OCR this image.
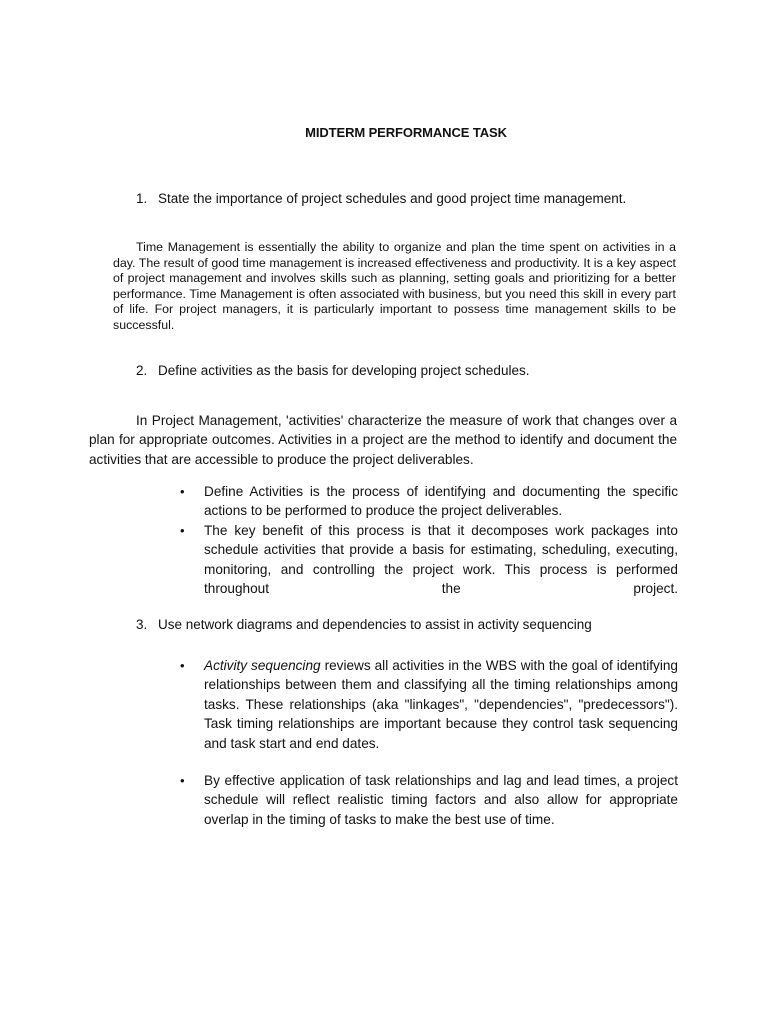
MIDTERM PERFORMANCE TASK
1. State the importance of project schedules and good project time management.

Time Management is essentially the ability to organize and plan the time spent on activities in a day. The result of good time management is increased effectiveness and productivity. It is a key aspect of project management and involves skills such as planning, setting goals and prioritizing for a better performance. Time Management is often associated with business, but you need this skill in every part of life. For project managers, it is particularly important to possess time management skills to be successful.

2. Define activities as the basis for developing project schedules.

In Project Management, 'activities' characterize the measure of work that changes over a plan for appropriate outcomes. Activities in a project are the method to identify and document the activities that are accessible to produce the project deliverables.

• Define Activities is the process of identifying and documenting the specific actions to be performed to produce the project deliverables.
• The key benefit of this process is that it decomposes work packages into schedule activities that provide a basis for estimating, scheduling, executing, monitoring, and controlling the project work. This process is performed throughout the project.
3. Use network diagrams and dependencies to assist in activity sequencing
• Activity sequencing reviews all activities in the WBS with the goal of identifying relationships between them and classifying all the timing relationships among tasks. These relationships (aka "linkages", "dependencies", "predecessors"). Task timing relationships are important because they control task sequencing and task start and end dates.
• By effective application of task relationships and lag and lead times, a project schedule will reflect realistic timing factors and also allow for appropriate overlap in the timing of tasks to make the best use of time.
